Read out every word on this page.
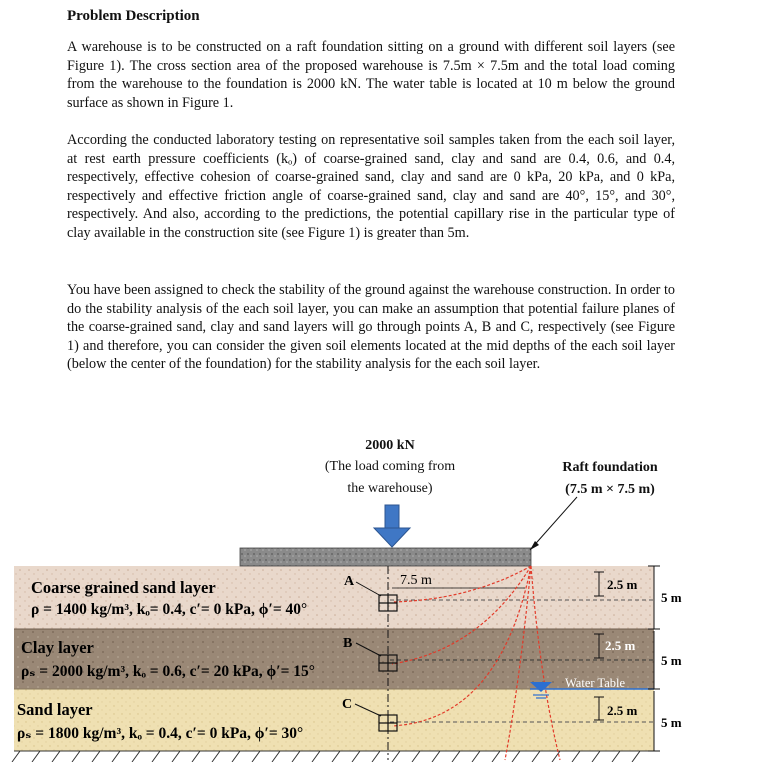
Problem Description

A warehouse is to be constructed on a raft foundation sitting on a ground with different soil layers (see Figure 1). The cross section area of the proposed warehouse is 7.5m × 7.5m and the total load coming from the warehouse to the foundation is 2000 kN. The water table is located at 10 m below the ground surface as shown in Figure 1.

According the conducted laboratory testing on representative soil samples taken from the each soil layer, at rest earth pressure coefficients (kₒ) of coarse-grained sand, clay and sand are 0.4, 0.6, and 0.4, respectively, effective cohesion of coarse-grained sand, clay and sand are 0 kPa, 20 kPa, and 0 kPa, respectively and effective friction angle of coarse-grained sand, clay and sand are 40°, 15°, and 30°, respectively. And also, according to the predictions, the potential capillary rise in the particular type of clay available in the construction site (see Figure 1) is greater than 5m.

You have been assigned to check the stability of the ground against the warehouse construction. In order to do the stability analysis of the each soil layer, you can make an assumption that potential failure planes of the coarse-grained sand, clay and sand layers will go through points A, B and C, respectively (see Figure 1) and therefore, you can consider the given soil elements located at the mid depths of the each soil layer (below the center of the foundation) for the stability analysis for the each soil layer.

2000 kN
(The load coming from
the warehouse)
Raft foundation
(7.5 m × 7.5 m)
7.5 m
A
B
C
Water Table
2.5 m
2.5 m
2.5 m
5 m
5 m
5 m
Coarse grained sand layer
ρ = 1400 kg/m³, kₒ= 0.4, c′= 0 kPa, ϕ′= 40°
Clay layer
ρₛ = 2000 kg/m³, kₒ = 0.6, c′= 20 kPa, ϕ′= 15°
Sand layer
ρₛ = 1800 kg/m³, kₒ = 0.4, c′= 0 kPa, ϕ′= 30°
